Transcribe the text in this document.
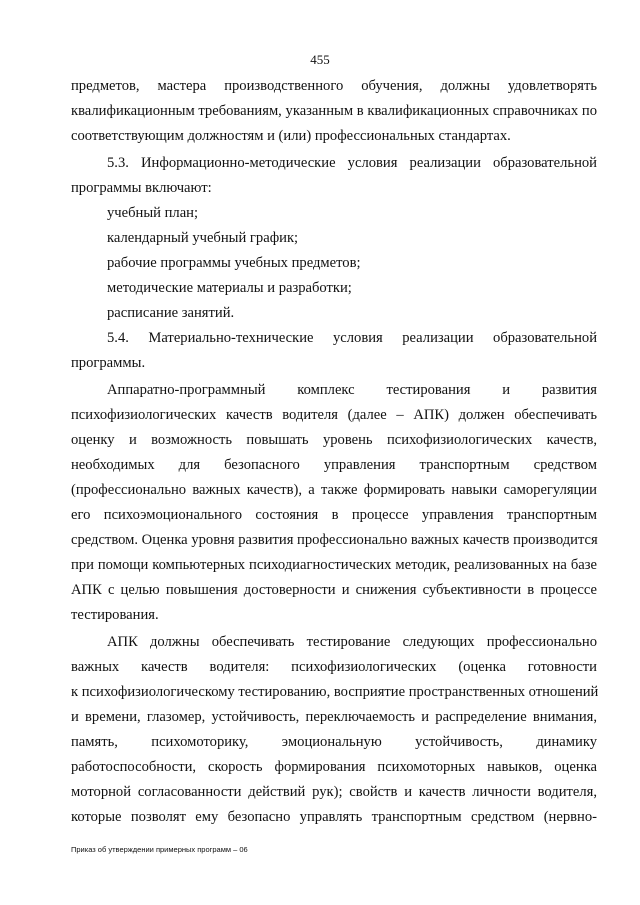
455
предметов, мастера производственного обучения, должны удовлетворять
квалификационным требованиям, указанным в квалификационных справочниках по
соответствующим должностям и (или) профессиональных стандартах.
5.3. Информационно-методические условия реализации образовательной
программы включают:
учебный план;
календарный учебный график;
рабочие программы учебных предметов;
методические материалы и разработки;
расписание занятий.
5.4. Материально-технические условия реализации образовательной
программы.
Аппаратно-программный комплекс тестирования и развития
психофизиологических качеств водителя (далее – АПК) должен обеспечивать
оценку и возможность повышать уровень психофизиологических качеств,
необходимых для безопасного управления транспортным средством
(профессионально важных качеств), а также формировать навыки саморегуляции
его психоэмоционального состояния в процессе управления транспортным
средством. Оценка уровня развития профессионально важных качеств производится
при помощи компьютерных психодиагностических методик, реализованных на базе
АПК с целью повышения достоверности и снижения субъективности в процессе
тестирования.
АПК должны обеспечивать тестирование следующих профессионально
важных качеств водителя: психофизиологических (оценка готовности
к психофизиологическому тестированию, восприятие пространственных отношений
и времени, глазомер, устойчивость, переключаемость и распределение внимания,
память, психомоторику, эмоциональную устойчивость, динамику
работоспособности, скорость формирования психомоторных навыков, оценка
моторной согласованности действий рук); свойств и качеств личности водителя,
которые позволят ему безопасно управлять транспортным средством (нервно-
Приказ об утверждении примерных программ – 06
